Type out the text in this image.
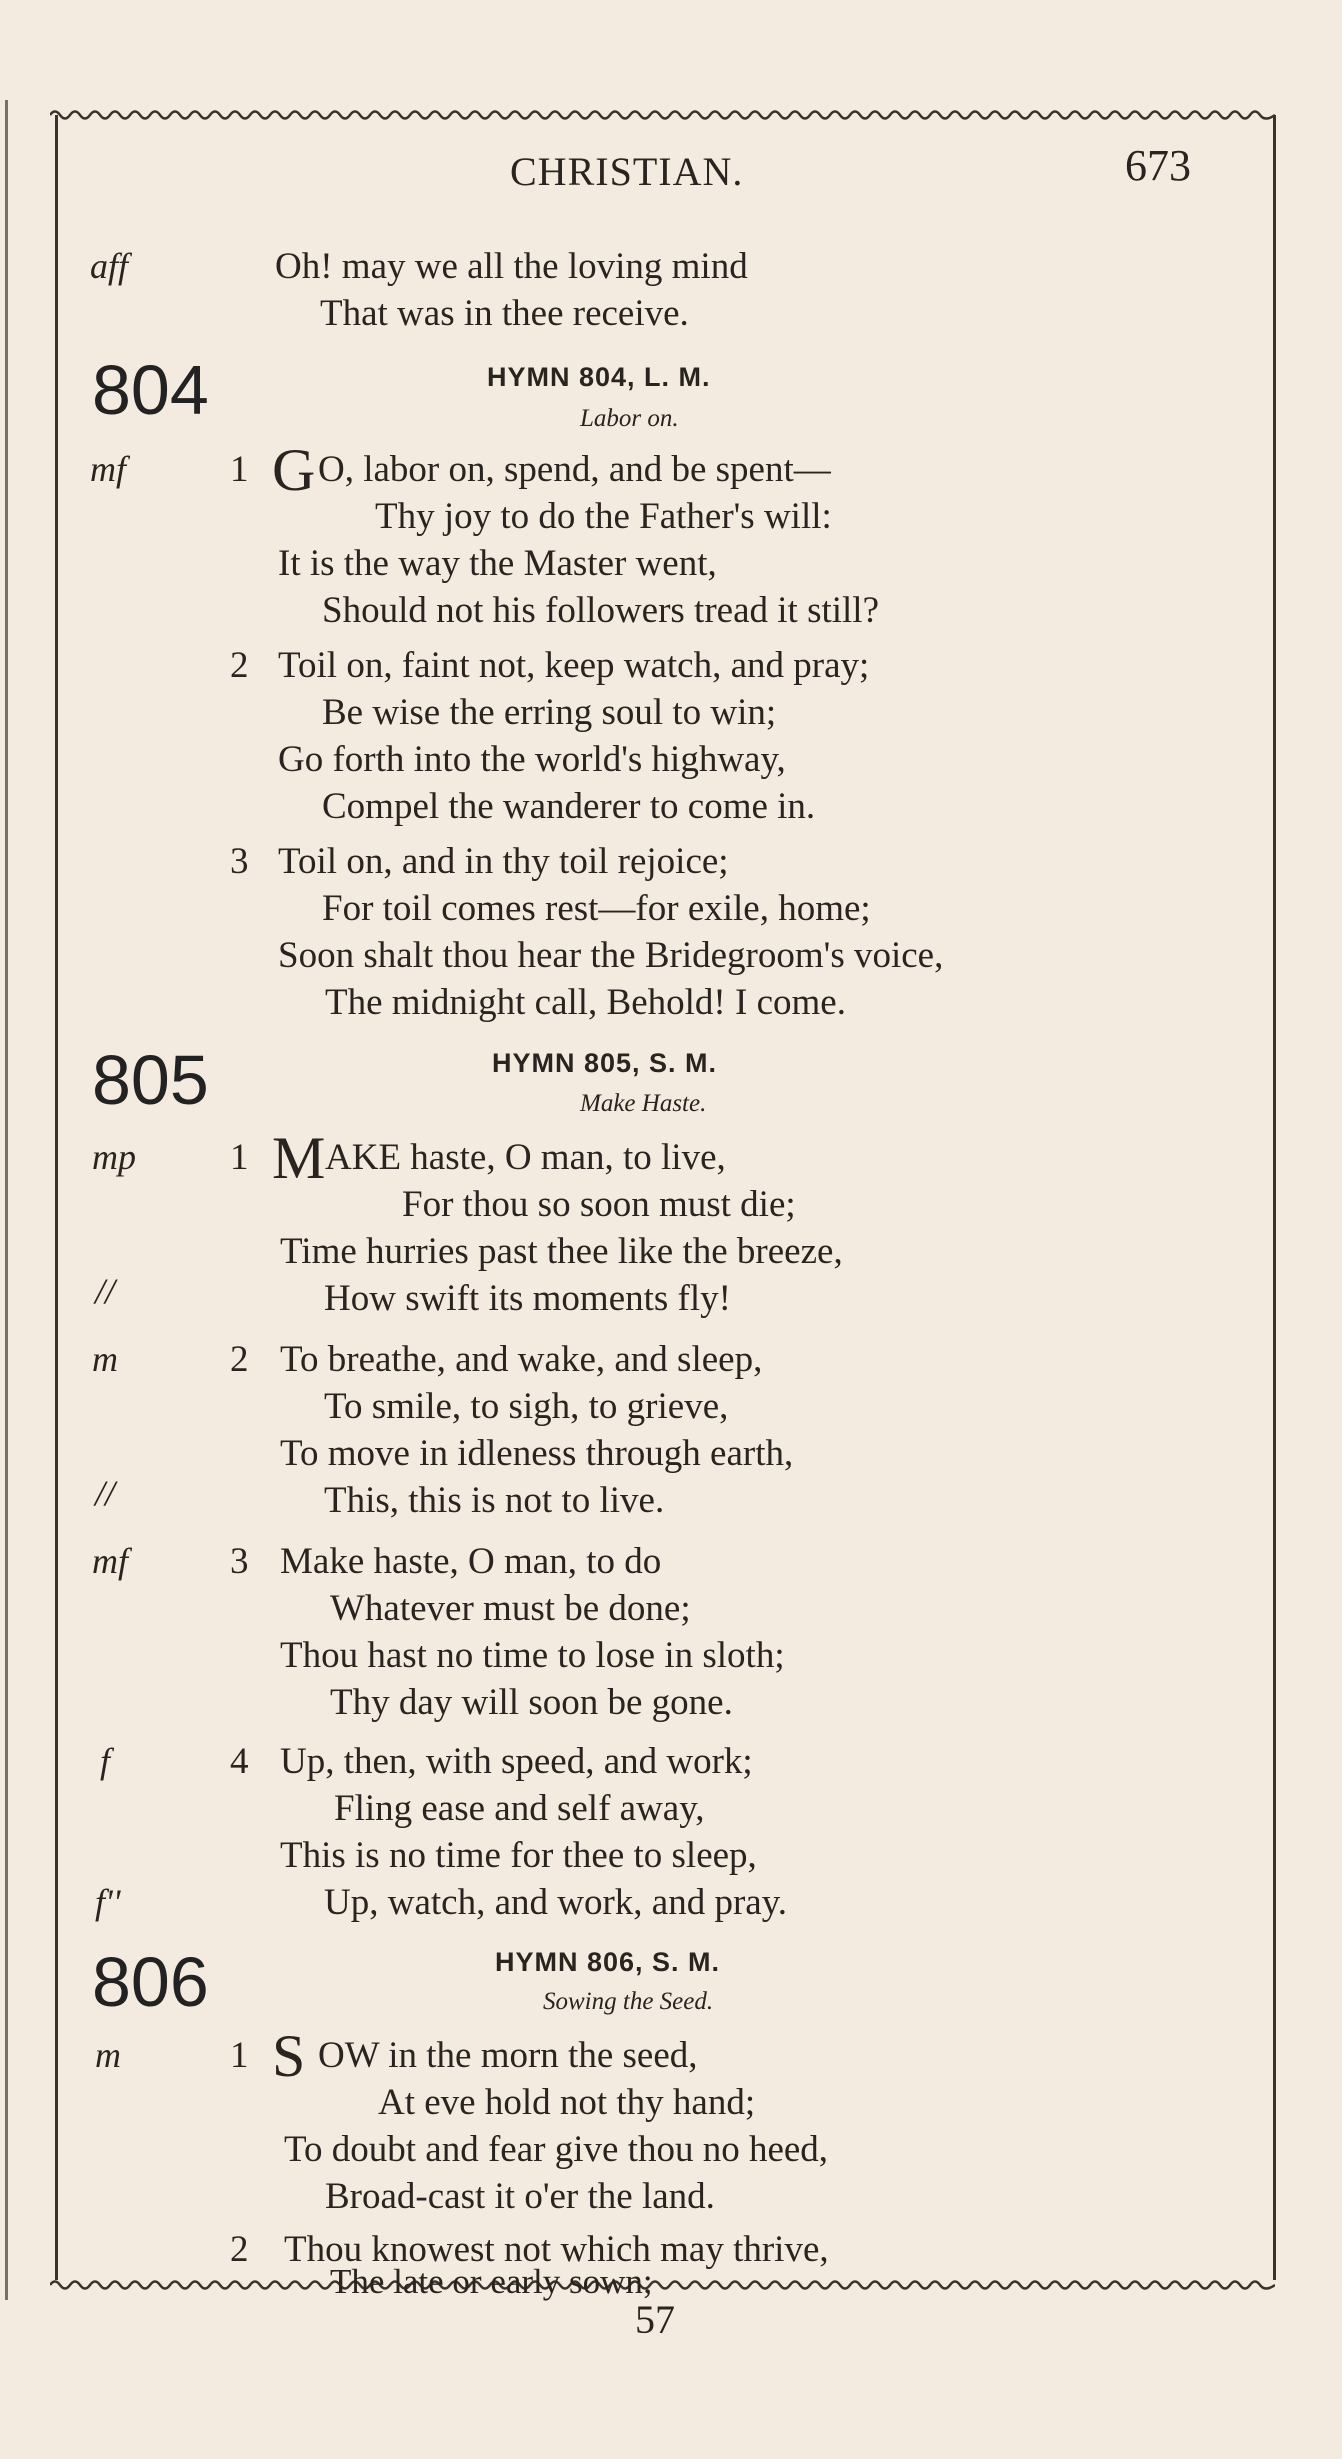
CHRISTIAN.	673
aff	Oh! may we all the loving mind
That was in thee receive.
804	HYMN 804, L. M.
Labor on.
mf	1 G O, labor on, spend, and be spent—
Thy joy to do the Father's will:
It is the way the Master went,
Should not his followers tread it still?
2 Toil on, faint not, keep watch, and pray;
Be wise the erring soul to win;
Go forth into the world's highway,
Compel the wanderer to come in.
3 Toil on, and in thy toil rejoice;
For toil comes rest—for exile, home;
Soon shalt thou hear the Bridegroom's voice,
The midnight call, Behold! I come.
805	HYMN 805, S. M.
Make Haste.
mp	1 M AKE haste, O man, to live,
For thou so soon must die;
Time hurries past thee like the breeze,
//	How swift its moments fly!
m	2 To breathe, and wake, and sleep,
To smile, to sigh, to grieve,
To move in idleness through earth,
//	This, this is not to live.
mf	3 Make haste, O man, to do
Whatever must be done;
Thou hast no time to lose in sloth;
Thy day will soon be gone.
f	4 Up, then, with speed, and work;
Fling ease and self away,
This is no time for thee to sleep,
f''	Up, watch, and work, and pray.
806	HYMN 806, S. M.
Sowing the Seed.
m	1 S OW in the morn the seed,
At eve hold not thy hand;
To doubt and fear give thou no heed,
Broad-cast it o'er the land.
2 Thou knowest not which may thrive,
The late or early sown;
57
